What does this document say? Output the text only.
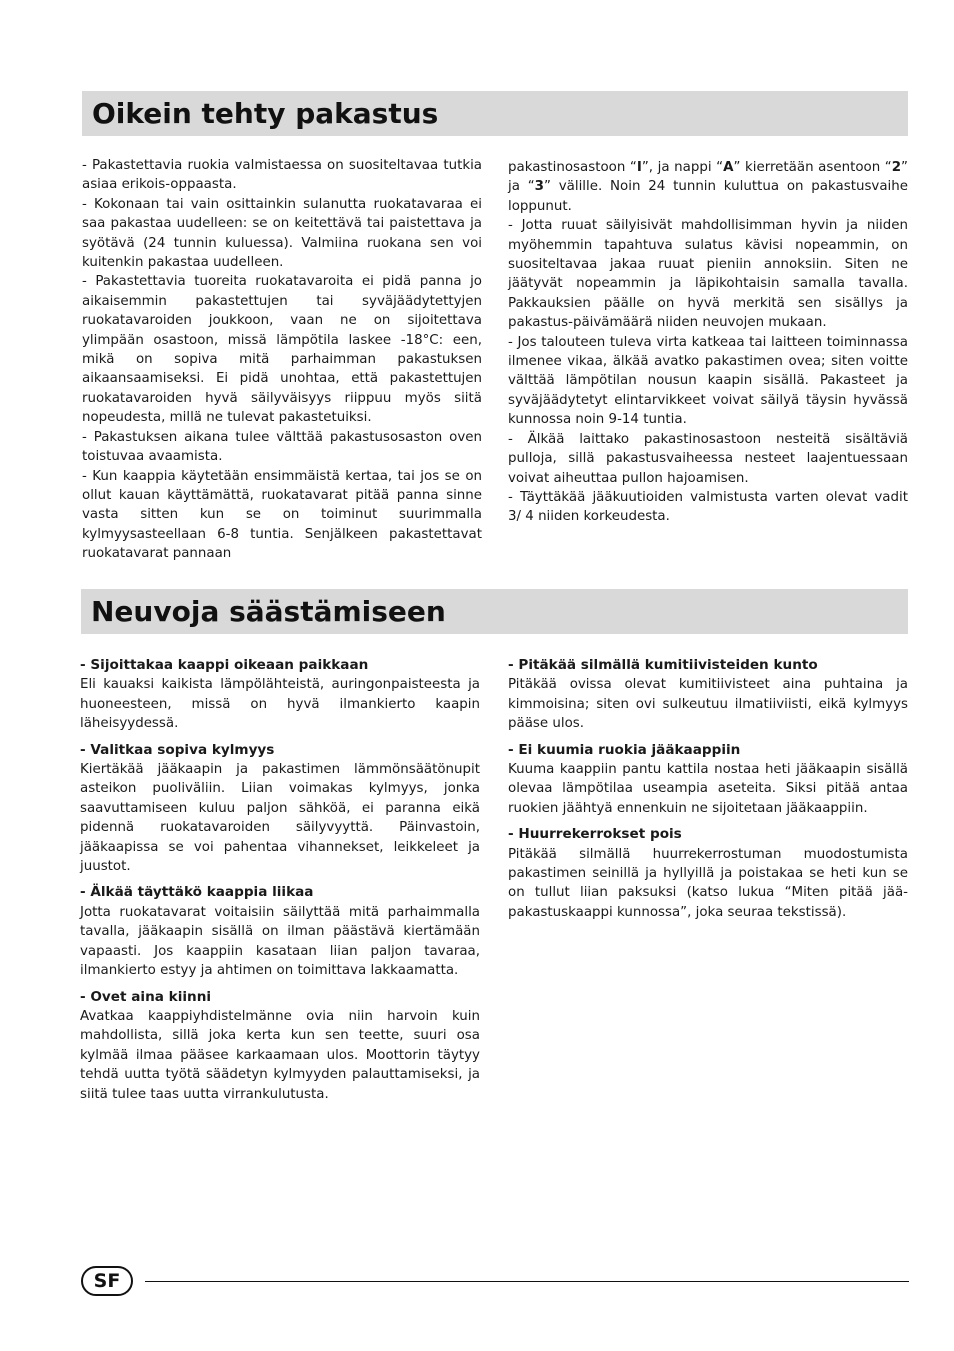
Oikein tehty pakastus

- Pakastettavia ruokia valmistaessa on suositeltavaa tutkia asiaa erikois-oppaasta.

- Kokonaan tai vain osittainkin sulanutta ruokatavaraa ei saa pakastaa uudelleen: se on keitettävä tai paistettava ja syötävä (24 tunnin kuluessa). Valmiina ruokana sen voi kuitenkin pakastaa uudelleen.

- Pakastettavia tuoreita ruokatavaroita ei pidä panna jo aikaisemmin pakastettujen tai syväjäädytettyjen ruokatavaroiden joukkoon, vaan ne on sijoitettava ylimpään osastoon, missä lämpötila laskee -18°C: een, mikä on sopiva mitä parhaimman pakastuksen aikaansaamiseksi. Ei pidä unohtaa, että pakastettujen ruokatavaroiden hyvä säilyväisyys riippuu myös siitä nopeudesta, millä ne tulevat pakastetuiksi.

- Pakastuksen aikana tulee välttää pakastusosaston oven toistuvaa avaamista.

- Kun kaappia käytetään ensimmäistä kertaa, tai jos se on ollut kauan käyttämättä, ruokatavarat pitää panna sinne vasta sitten kun se on toiminut suurimmalla kylmyysasteellaan 6-8 tuntia. Senjälkeen pakastettavat ruokatavarat pannaan

pakastinosastoon “I”, ja nappi “A” kierretään asentoon “2” ja “3” välille. Noin 24 tunnin kuluttua on pakastusvaihe loppunut.

- Jotta ruuat säilyisivät mahdollisimman hyvin ja niiden myöhemmin tapahtuva sulatus kävisi nopeammin, on suositeltavaa jakaa ruuat pieniin annoksiin. Siten ne jäätyvät nopeammin ja läpikohtaisin samalla tavalla. Pakkauksien päälle on hyvä merkitä sen sisällys ja pakastus-päivämäärä niiden neuvojen mukaan.

- Jos talouteen tuleva virta katkeaa tai laitteen toiminnassa ilmenee vikaa, älkää avatko pakastimen ovea; siten voitte välttää lämpötilan nousun kaapin sisällä. Pakasteet ja syväjäädytetyt elintarvikkeet voivat säilyä täysin hyvässä kunnossa noin 9-14 tuntia.

- Älkää laittako pakastinosastoon nesteitä sisältäviä pulloja, sillä pakastusvaiheessa nesteet laajentuessaan voivat aiheuttaa pullon hajoamisen.

- Täyttäkää jääkuutioiden valmistusta varten olevat vadit 3/ 4 niiden korkeudesta.

Neuvoja säästämiseen
- Sijoittakaa kaappi oikeaan paikkaan

Eli kauaksi kaikista lämpölähteistä, auringonpaisteesta ja huoneesteen, missä on hyvä ilmankierto kaapin läheisyydessä.

- Valitkaa sopiva kylmyys

Kiertäkää jääkaapin ja pakastimen lämmönsäätönupit asteikon puoliväliin. Liian voimakas kylmyys, jonka saavuttamiseen kuluu paljon sähköä, ei paranna eikä pidennä ruokatavaroiden säilyvyyttä. Päinvastoin, jääkaapissa se voi pahentaa vihannekset, leikkeleet ja juustot.

- Älkää täyttäkö kaappia liikaa

Jotta ruokatavarat voitaisiin säilyttää mitä parhaimmalla tavalla, jääkaapin sisällä on ilman päästävä kiertämään vapaasti. Jos kaappiin kasataan liian paljon tavaraa, ilmankierto estyy ja ahtimen on toimittava lakkaamatta.

- Ovet aina kiinni

Avatkaa kaappiyhdistelmänne ovia niin harvoin kuin mahdollista, sillä joka kerta kun sen teette, suuri osa kylmää ilmaa pääsee karkaamaan ulos. Moottorin täytyy tehdä uutta työtä säädetyn kylmyyden palauttamiseksi, ja siitä tulee taas uutta virrankulutusta.

- Pitäkää silmällä kumitiivisteiden kunto

Pitäkää ovissa olevat kumitiivisteet aina puhtaina ja kimmoisina; siten ovi sulkeutuu ilmatiiviisti, eikä kylmyys pääse ulos.

- Ei kuumia ruokia jääkaappiin

Kuuma kaappiin pantu kattila nostaa heti jääkaapin sisällä olevaa lämpötilaa useampia aseteita. Siksi pitää antaa ruokien jäähtyä ennenkuin ne sijoitetaan jääkaappiin.

- Huurrekerrokset pois

Pitäkää silmällä huurrekerrostuman muodostumista pakastimen seinillä ja hyllyillä ja poistakaa se heti kun se on tullut liian paksuksi (katso lukua “Miten pitää jää-pakastuskaappi kunnossa”, joka seuraa tekstissä).

SF
